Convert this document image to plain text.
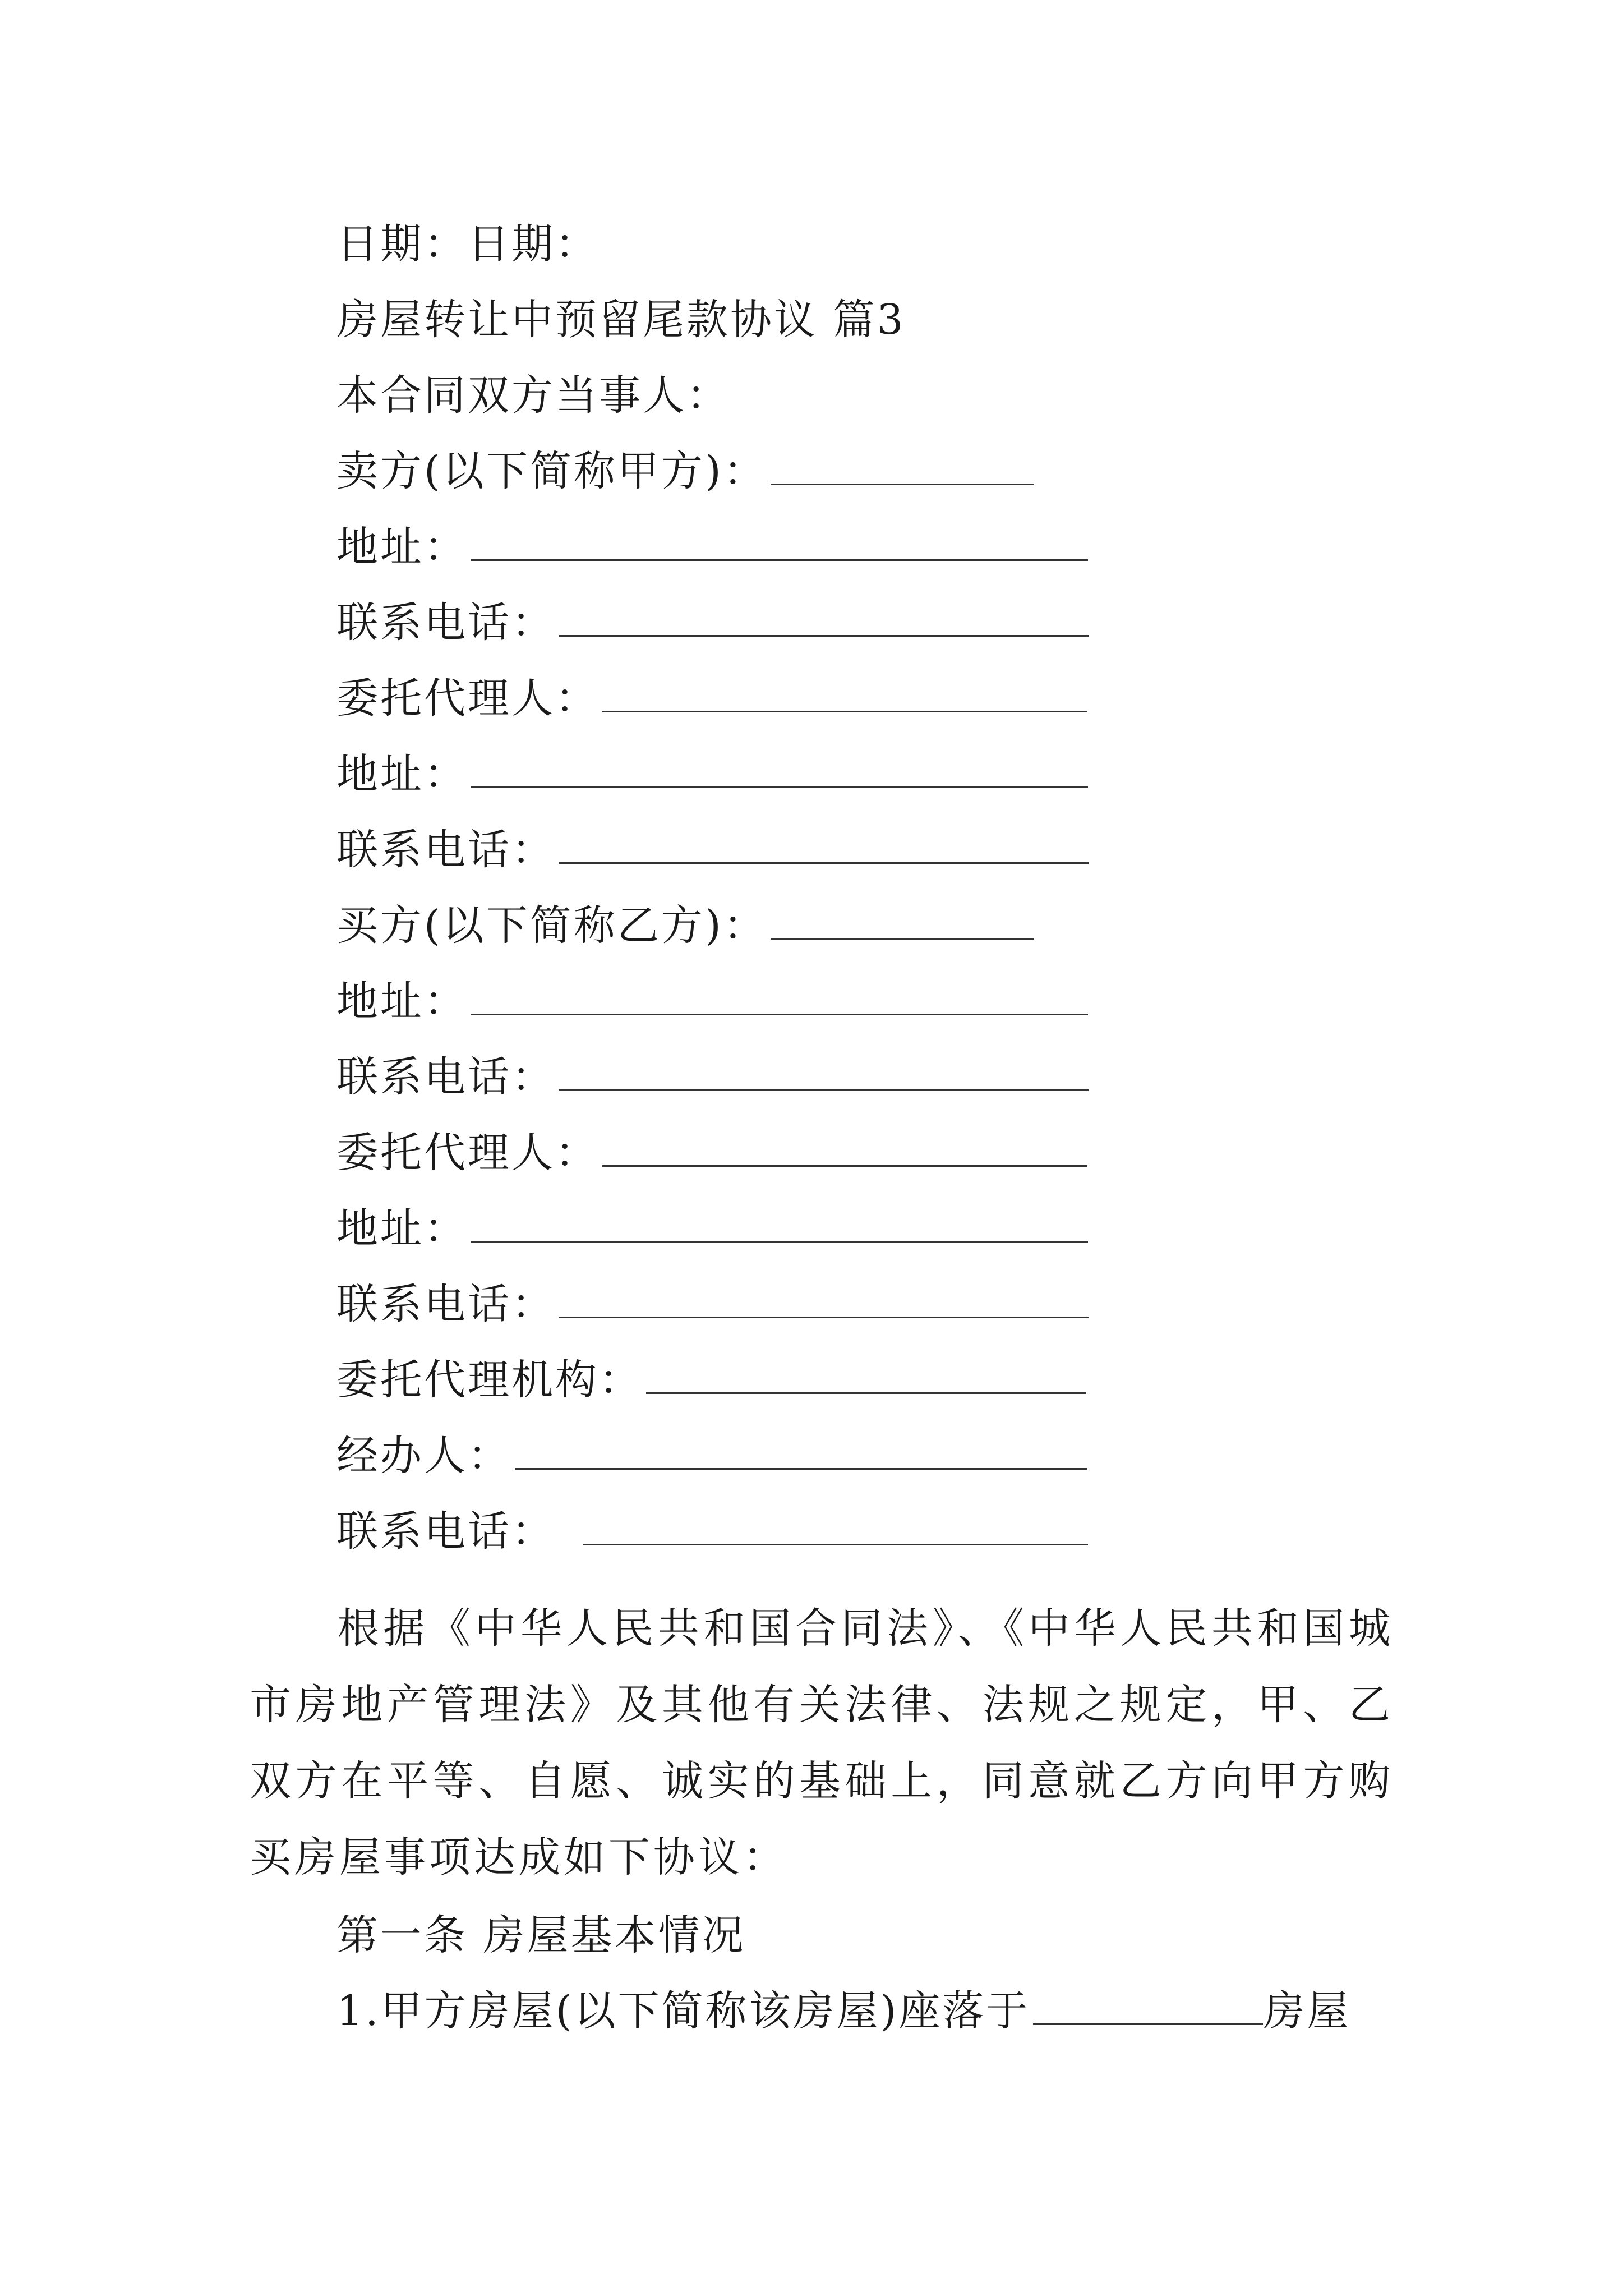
日期：日期：
房屋转让中预留尾款协议 篇3
本合同双方当事人：
卖方(以下简称甲方)：
地址：
联系电话：
委托代理人：
地址：
联系电话：
买方(以下简称乙方)：
地址：
联系电话：
委托代理人：
地址：
联系电话：
委托代理机构：
经办人：
联系电话：
根据《中华人民共和国合同法》、《中华人民共和国城市房地产管理法》及其他有关法律、法规之规定，甲、乙双方在平等、自愿、诚实的基础上，同意就乙方向甲方购买房屋事项达成如下协议：
第一条 房屋基本情况
1.甲方房屋(以下简称该房屋)座落于	房屋
